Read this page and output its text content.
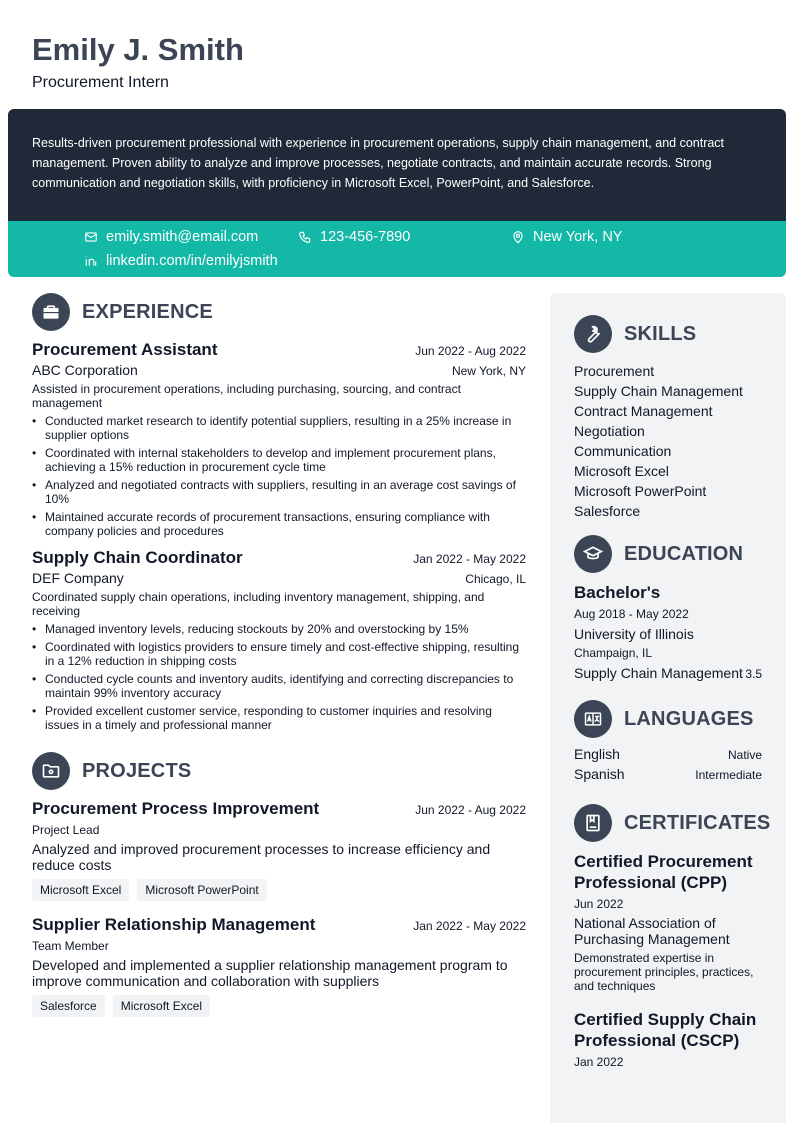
Emily J. Smith
Procurement Intern
Results-driven procurement professional with experience in procurement operations, supply chain management, and contract management. Proven ability to analyze and improve processes, negotiate contracts, and maintain accurate records. Strong communication and negotiation skills, with proficiency in Microsoft Excel, PowerPoint, and Salesforce.
emily.smith@email.com	123-456-7890	New York, NY
linkedin.com/in/emilyjsmith
EXPERIENCE
Procurement Assistant	Jun 2022 - Aug 2022
ABC Corporation	New York, NY
Assisted in procurement operations, including purchasing, sourcing, and contract management
• Conducted market research to identify potential suppliers, resulting in a 25% increase in supplier options
• Coordinated with internal stakeholders to develop and implement procurement plans, achieving a 15% reduction in procurement cycle time
• Analyzed and negotiated contracts with suppliers, resulting in an average cost savings of 10%
• Maintained accurate records of procurement transactions, ensuring compliance with company policies and procedures
Supply Chain Coordinator	Jan 2022 - May 2022
DEF Company	Chicago, IL
Coordinated supply chain operations, including inventory management, shipping, and receiving
• Managed inventory levels, reducing stockouts by 20% and overstocking by 15%
• Coordinated with logistics providers to ensure timely and cost-effective shipping, resulting in a 12% reduction in shipping costs
• Conducted cycle counts and inventory audits, identifying and correcting discrepancies to maintain 99% inventory accuracy
• Provided excellent customer service, responding to customer inquiries and resolving issues in a timely and professional manner
PROJECTS
Procurement Process Improvement	Jun 2022 - Aug 2022
Project Lead
Analyzed and improved procurement processes to increase efficiency and reduce costs
Microsoft Excel	Microsoft PowerPoint
Supplier Relationship Management	Jan 2022 - May 2022
Team Member
Developed and implemented a supplier relationship management program to improve communication and collaboration with suppliers
Salesforce	Microsoft Excel
SKILLS
Procurement
Supply Chain Management
Contract Management
Negotiation
Communication
Microsoft Excel
Microsoft PowerPoint
Salesforce
EDUCATION
Bachelor's
Aug 2018 - May 2022
University of Illinois
Champaign, IL
Supply Chain Management 3.5
LANGUAGES
English	Native
Spanish	Intermediate
CERTIFICATES
Certified Procurement Professional (CPP)
Jun 2022
National Association of Purchasing Management
Demonstrated expertise in procurement principles, practices, and techniques
Certified Supply Chain Professional (CSCP)
Jan 2022
